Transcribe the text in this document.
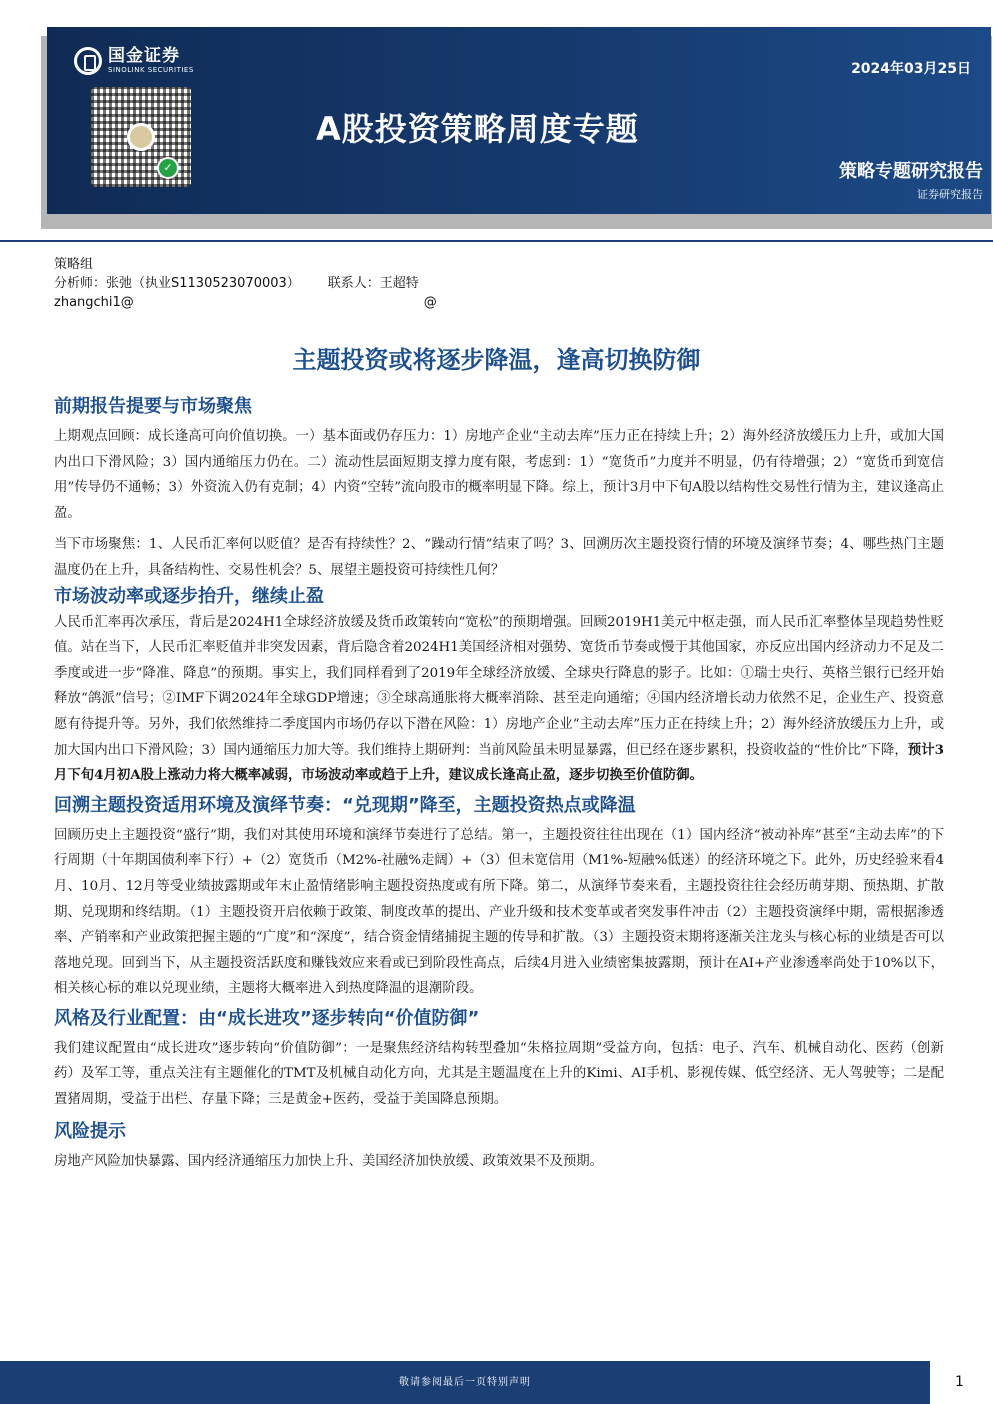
国金证券
SINOLINK SECURITIES
✓
2024年03月25日
A股投资策略周度专题
策略专题研究报告
证券研究报告
策略组
分析师：张弛（执业S1130523070003） 联系人：王超特
zhangchi1@	@
主题投资或将逐步降温，逢高切换防御
前期报告提要与市场聚焦

上期观点回顾：成长逢高可向价值切换。一）基本面或仍存压力：1）房地产企业“主动去库”压力正在持续上升；2）海外经济放缓压力上升，或加大国内出口下滑风险；3）国内通缩压力仍在。二）流动性层面短期支撑力度有限，考虑到：1）“宽货币”力度并不明显，仍有待增强；2）“宽货币到宽信用”传导仍不通畅；3）外资流入仍有克制；4）内资“空转”流向股市的概率明显下降。综上，预计3月中下旬A股以结构性交易性行情为主，建议逢高止盈。

当下市场聚焦：1、人民币汇率何以贬值？是否有持续性？2、“躁动行情”结束了吗？3、回溯历次主题投资行情的环境及演绎节奏；4、哪些热门主题温度仍在上升，具备结构性、交易性机会？5、展望主题投资可持续性几何？

市场波动率或逐步抬升，继续止盈

人民币汇率再次承压，背后是2024H1全球经济放缓及货币政策转向“宽松”的预期增强。回顾2019H1美元中枢走强，而人民币汇率整体呈现趋势性贬值。站在当下，人民币汇率贬值并非突发因素，背后隐含着2024H1美国经济相对强势、宽货币节奏或慢于其他国家，亦反应出国内经济动力不足及二季度或进一步“降准、降息”的预期。事实上，我们同样看到了2019年全球经济放缓、全球央行降息的影子。比如：①瑞士央行、英格兰银行已经开始释放“鸽派”信号；②IMF下调2024年全球GDP增速；③全球高通胀将大概率消除、甚至走向通缩；④国内经济增长动力依然不足，企业生产、投资意愿有待提升等。另外，我们依然维持二季度国内市场仍存以下潜在风险：1）房地产企业“主动去库”压力正在持续上升；2）海外经济放缓压力上升，或加大国内出口下滑风险；3）国内通缩压力加大等。我们维持上期研判：当前风险虽未明显暴露，但已经在逐步累积，投资收益的“性价比”下降，预计3月下旬4月初A股上涨动力将大概率减弱，市场波动率或趋于上升，建议成长逢高止盈，逐步切换至价值防御。

回溯主题投资适用环境及演绎节奏：“兑现期”降至，主题投资热点或降温

回顾历史上主题投资“盛行”期，我们对其使用环境和演绎节奏进行了总结。第一，主题投资往往出现在（1）国内经济“被动补库”甚至“主动去库”的下行周期（十年期国债利率下行）+（2）宽货币（M2%-社融%走阔）+（3）但未宽信用（M1%-短融%低迷）的经济环境之下。此外，历史经验来看4月、10月、12月等受业绩披露期或年末止盈情绪影响主题投资热度或有所下降。第二，从演绎节奏来看，主题投资往往会经历萌芽期、预热期、扩散期、兑现期和终结期。（1）主题投资开启依赖于政策、制度改革的提出、产业升级和技术变革或者突发事件冲击（2）主题投资演绎中期，需根据渗透率、产销率和产业政策把握主题的“广度”和“深度”，结合资金情绪捕捉主题的传导和扩散。（3）主题投资末期将逐渐关注龙头与核心标的业绩是否可以落地兑现。回到当下，从主题投资活跃度和赚钱效应来看或已到阶段性高点，后续4月进入业绩密集披露期，预计在AI+产业渗透率尚处于10%以下，相关核心标的难以兑现业绩，主题将大概率进入到热度降温的退潮阶段。

风格及行业配置：由“成长进攻”逐步转向“价值防御”

我们建议配置由“成长进攻”逐步转向“价值防御”：一是聚焦经济结构转型叠加“朱格拉周期”受益方向，包括：电子、汽车、机械自动化、医药（创新药）及军工等，重点关注有主题催化的TMT及机械自动化方向，尤其是主题温度在上升的Kimi、AI手机、影视传媒、低空经济、无人驾驶等；二是配置猪周期，受益于出栏、存量下降；三是黄金+医药，受益于美国降息预期。

风险提示

房地产风险加快暴露、国内经济通缩压力加快上升、美国经济加快放缓、政策效果不及预期。

敬请参阅最后一页特别声明	1
